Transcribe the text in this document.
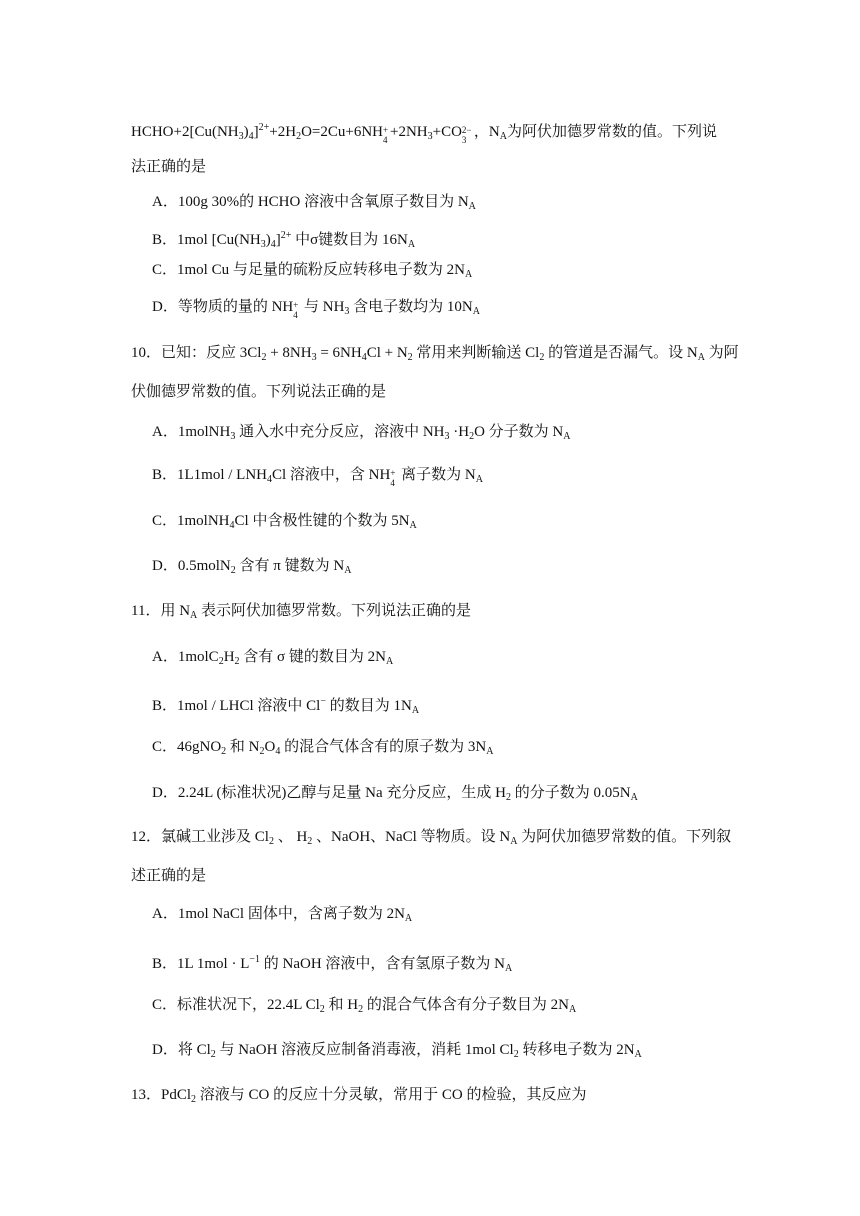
$HCHO+2[Cu(NH_3)_4]^{2+}+2H_2O=2Cu+6NH$ +
$4 +2NH_3+CO$ 2−
3 ，$N_A$为阿伏加德罗常数的值。下列说
法正确的是
A．100g 30%的 HCHO 溶液中含氧原子数目为 $N_A$
B．1mol $[Cu(NH_3)_4]^{2+}$ 中σ键数目为 $16N_A$
C．1mol Cu 与足量的硫粉反应转移电子数为 $2N_A$
D．等物质的量的 NH +
4 与 $NH_3$ 含电子数均为 $10N_A$
10．已知：反应 $3Cl_2 + 8NH_3 = 6NH_4Cl + N_2$ 常用来判断输送 $Cl_2$ 的管道是否漏气。设 $N_A$ 为阿
伏伽德罗常数的值。下列说法正确的是
A．1molNH$_3$ 通入水中充分反应，溶液中 $NH_3 \cdot H_2O$ 分子数为 $N_A$
B．$1L1mol / LNH_4Cl$ 溶液中，含 NH +
4 离子数为 $N_A$
C．1molNH$_4$Cl 中含极性键的个数为 $5N_A$
D．0.5molN$_2$ 含有 π 键数为 $N_A$
11．用 $N_A$ 表示阿伏加德罗常数。下列说法正确的是
A．$1molC_2H_2$ 含有 σ 键的数目为 $2N_A$
B．1mol / LHCl 溶液中 Cl− 的数目为 $1N_A$
C．46gNO$_2$ 和 $N_2O_4$ 的混合气体含有的原子数为 $3N_A$
D．2.24L (标准状况)乙醇与足量 Na 充分反应，生成 $H_2$ 的分子数为 $0.05N_A$
12．氯碱工业涉及 $Cl_2$ 、 $H_2$ 、NaOH、NaCl 等物质。设 $N_A$ 为阿伏加德罗常数的值。下列叙
述正确的是
A．1mol NaCl 固体中，含离子数为 $2N_A$
B．1L $1mol \cdot L^{-1}$ 的 NaOH 溶液中，含有氢原子数为 $N_A$
C．标准状况下，22.4L $Cl_2$ 和 $H_2$ 的混合气体含有分子数目为 $2N_A$
D．将 $Cl_2$ 与 NaOH 溶液反应制备消毒液，消耗 1mol $Cl_2$ 转移电子数为 $2N_A$
13．PdCl$_2$ 溶液与 CO 的反应十分灵敏，常用于 CO 的检验，其反应为
